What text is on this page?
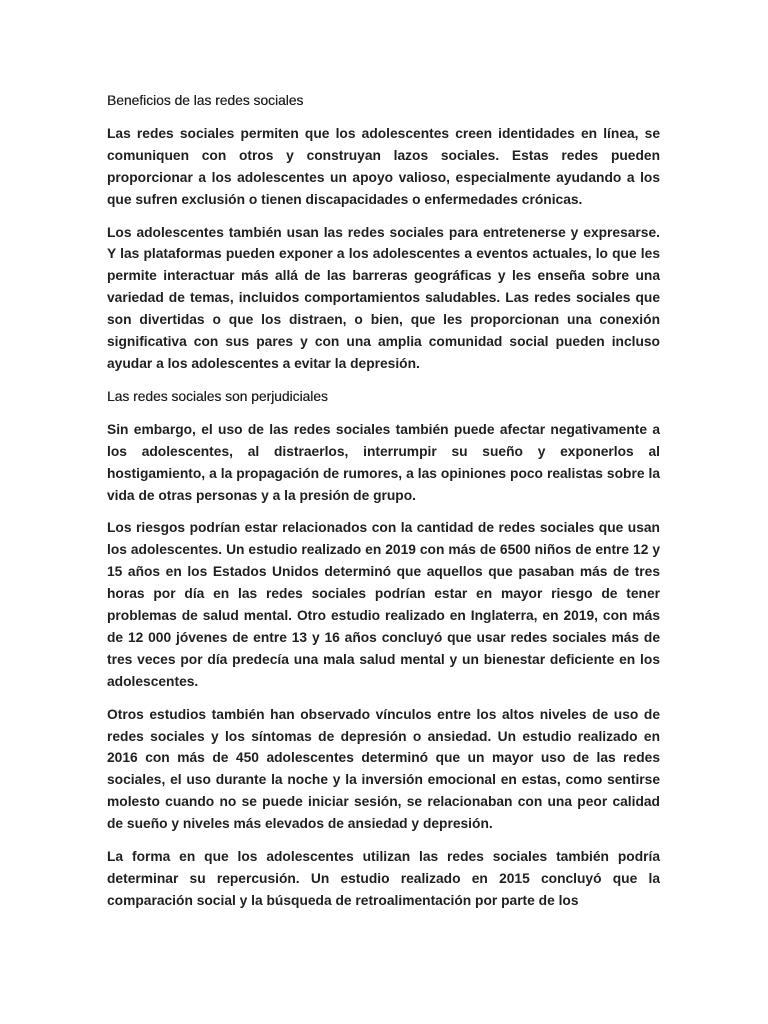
Beneficios de las redes sociales

Las redes sociales permiten que los adolescentes creen identidades en línea, se comuniquen con otros y construyan lazos sociales. Estas redes pueden proporcionar a los adolescentes un apoyo valioso, especialmente ayudando a los que sufren exclusión o tienen discapacidades o enfermedades crónicas.

Los adolescentes también usan las redes sociales para entretenerse y expresarse. Y las plataformas pueden exponer a los adolescentes a eventos actuales, lo que les permite interactuar más allá de las barreras geográficas y les enseña sobre una variedad de temas, incluidos comportamientos saludables. Las redes sociales que son divertidas o que los distraen, o bien, que les proporcionan una conexión significativa con sus pares y con una amplia comunidad social pueden incluso ayudar a los adolescentes a evitar la depresión.

Las redes sociales son perjudiciales

Sin embargo, el uso de las redes sociales también puede afectar negativamente a los adolescentes, al distraerlos, interrumpir su sueño y exponerlos al hostigamiento, a la propagación de rumores, a las opiniones poco realistas sobre la vida de otras personas y a la presión de grupo.

Los riesgos podrían estar relacionados con la cantidad de redes sociales que usan los adolescentes. Un estudio realizado en 2019 con más de 6500 niños de entre 12 y 15 años en los Estados Unidos determinó que aquellos que pasaban más de tres horas por día en las redes sociales podrían estar en mayor riesgo de tener problemas de salud mental. Otro estudio realizado en Inglaterra, en 2019, con más de 12 000 jóvenes de entre 13 y 16 años concluyó que usar redes sociales más de tres veces por día predecía una mala salud mental y un bienestar deficiente en los adolescentes.

Otros estudios también han observado vínculos entre los altos niveles de uso de redes sociales y los síntomas de depresión o ansiedad. Un estudio realizado en 2016 con más de 450 adolescentes determinó que un mayor uso de las redes sociales, el uso durante la noche y la inversión emocional en estas, como sentirse molesto cuando no se puede iniciar sesión, se relacionaban con una peor calidad de sueño y niveles más elevados de ansiedad y depresión.

La forma en que los adolescentes utilizan las redes sociales también podría determinar su repercusión. Un estudio realizado en 2015 concluyó que la comparación social y la búsqueda de retroalimentación por parte de los
